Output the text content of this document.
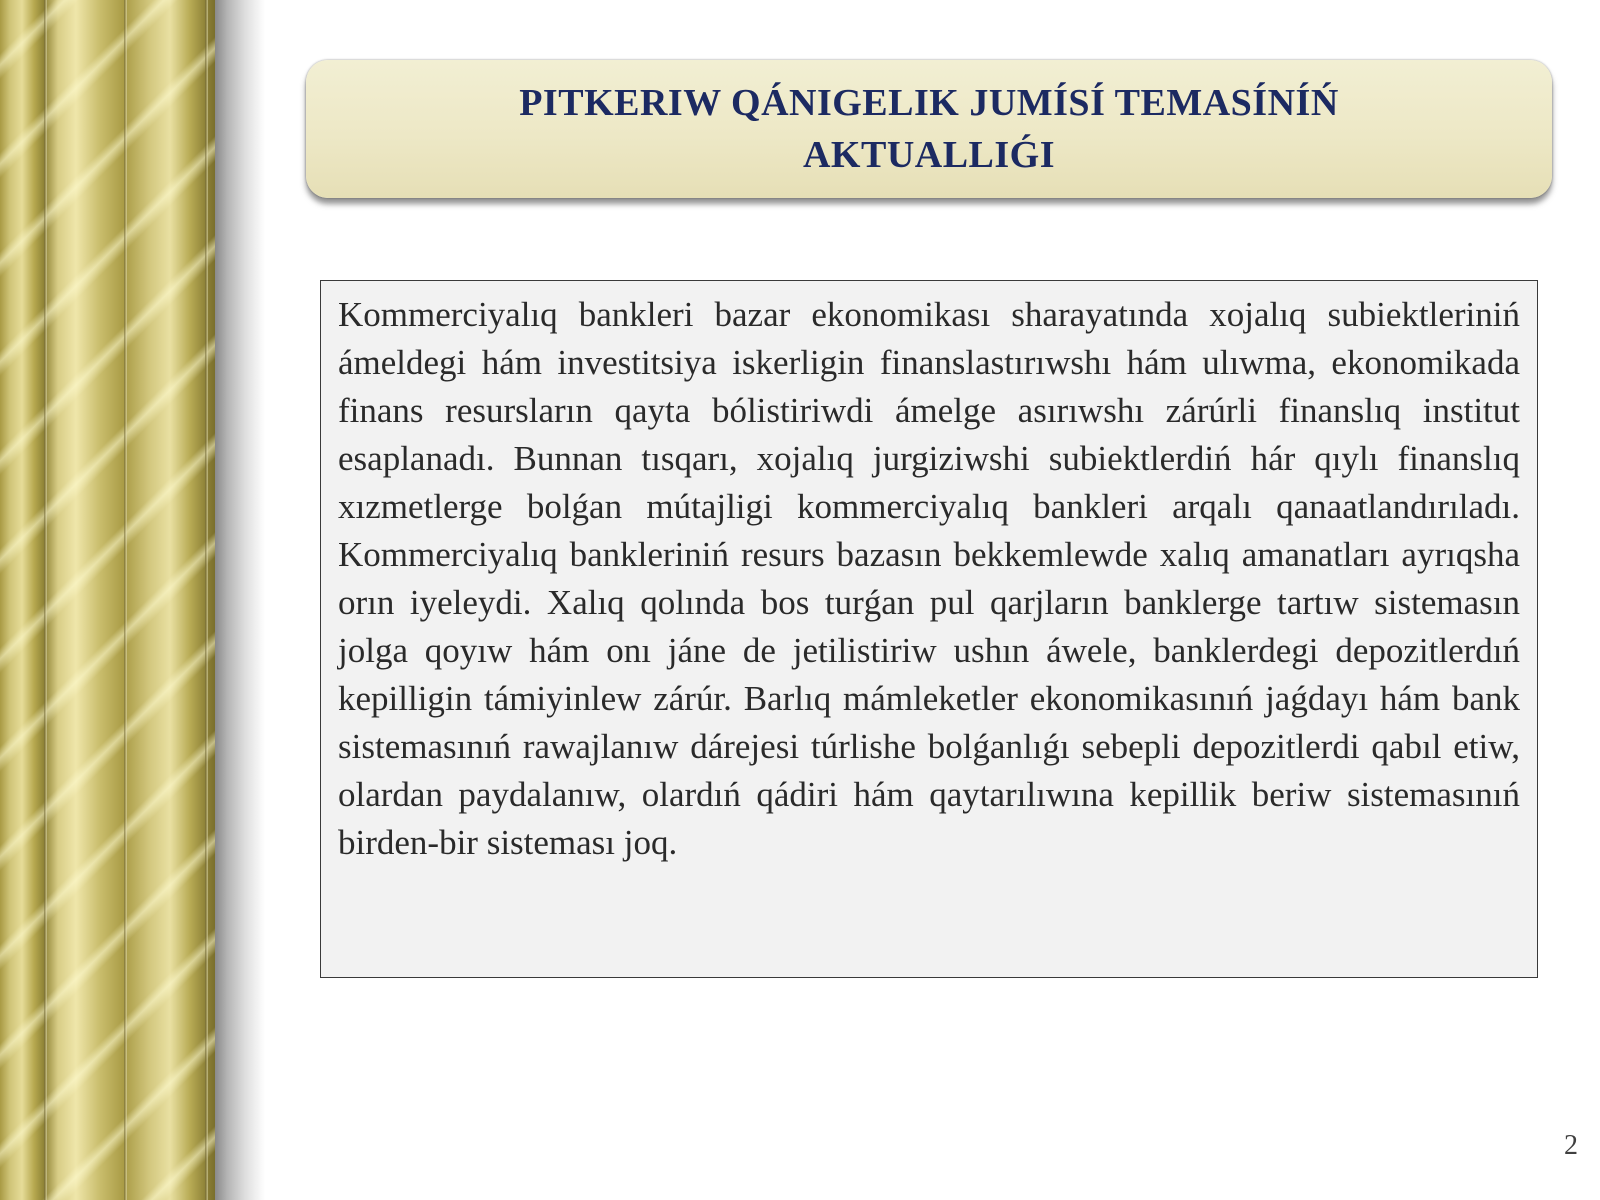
PITKERIW QÁNIGELIK JUMÍSÍ TEMASÍNÍŃ AKTUALLIǴI

Kommerciyalıq bankleri bazar ekonomikası sharayatında xojalıq subiektleriniń ámeldegi hám investitsiya iskerligin finanslastırıwshı hám ulıwma, ekonomikada finans resursların qayta bólistiriwdi ámelge asırıwshı zárúrli finanslıq institut esaplanadı. Bunnan tısqarı, xojalıq jurgiziwshi subiektlerdiń hár qıylı finanslıq xızmetlerge bolǵan mútajligi kommerciyalıq bankleri arqalı qanaatlandırıladı. Kommerciyalıq bankleriniń resurs bazasın bekkemlewde xalıq amanatları ayrıqsha orın iyeleydi. Xalıq qolında bos turǵan pul qarjların banklerge tartıw sistemasın jolga qoyıw hám onı jáne de jetilistiriw ushın áwele, banklerdegi depozitlerdıń kepilligin támiyinlew zárúr. Barlıq mámleketler ekonomikasınıń jaǵdayı hám bank sistemasınıń rawajlanıw dárejesi túrlishe bolǵanlıǵı sebepli depozitlerdi qabıl etiw, olardan paydalanıw, olardıń qádiri hám qaytarılıwına kepillik beriw sistemasınıń birden-bir sisteması joq.

2
